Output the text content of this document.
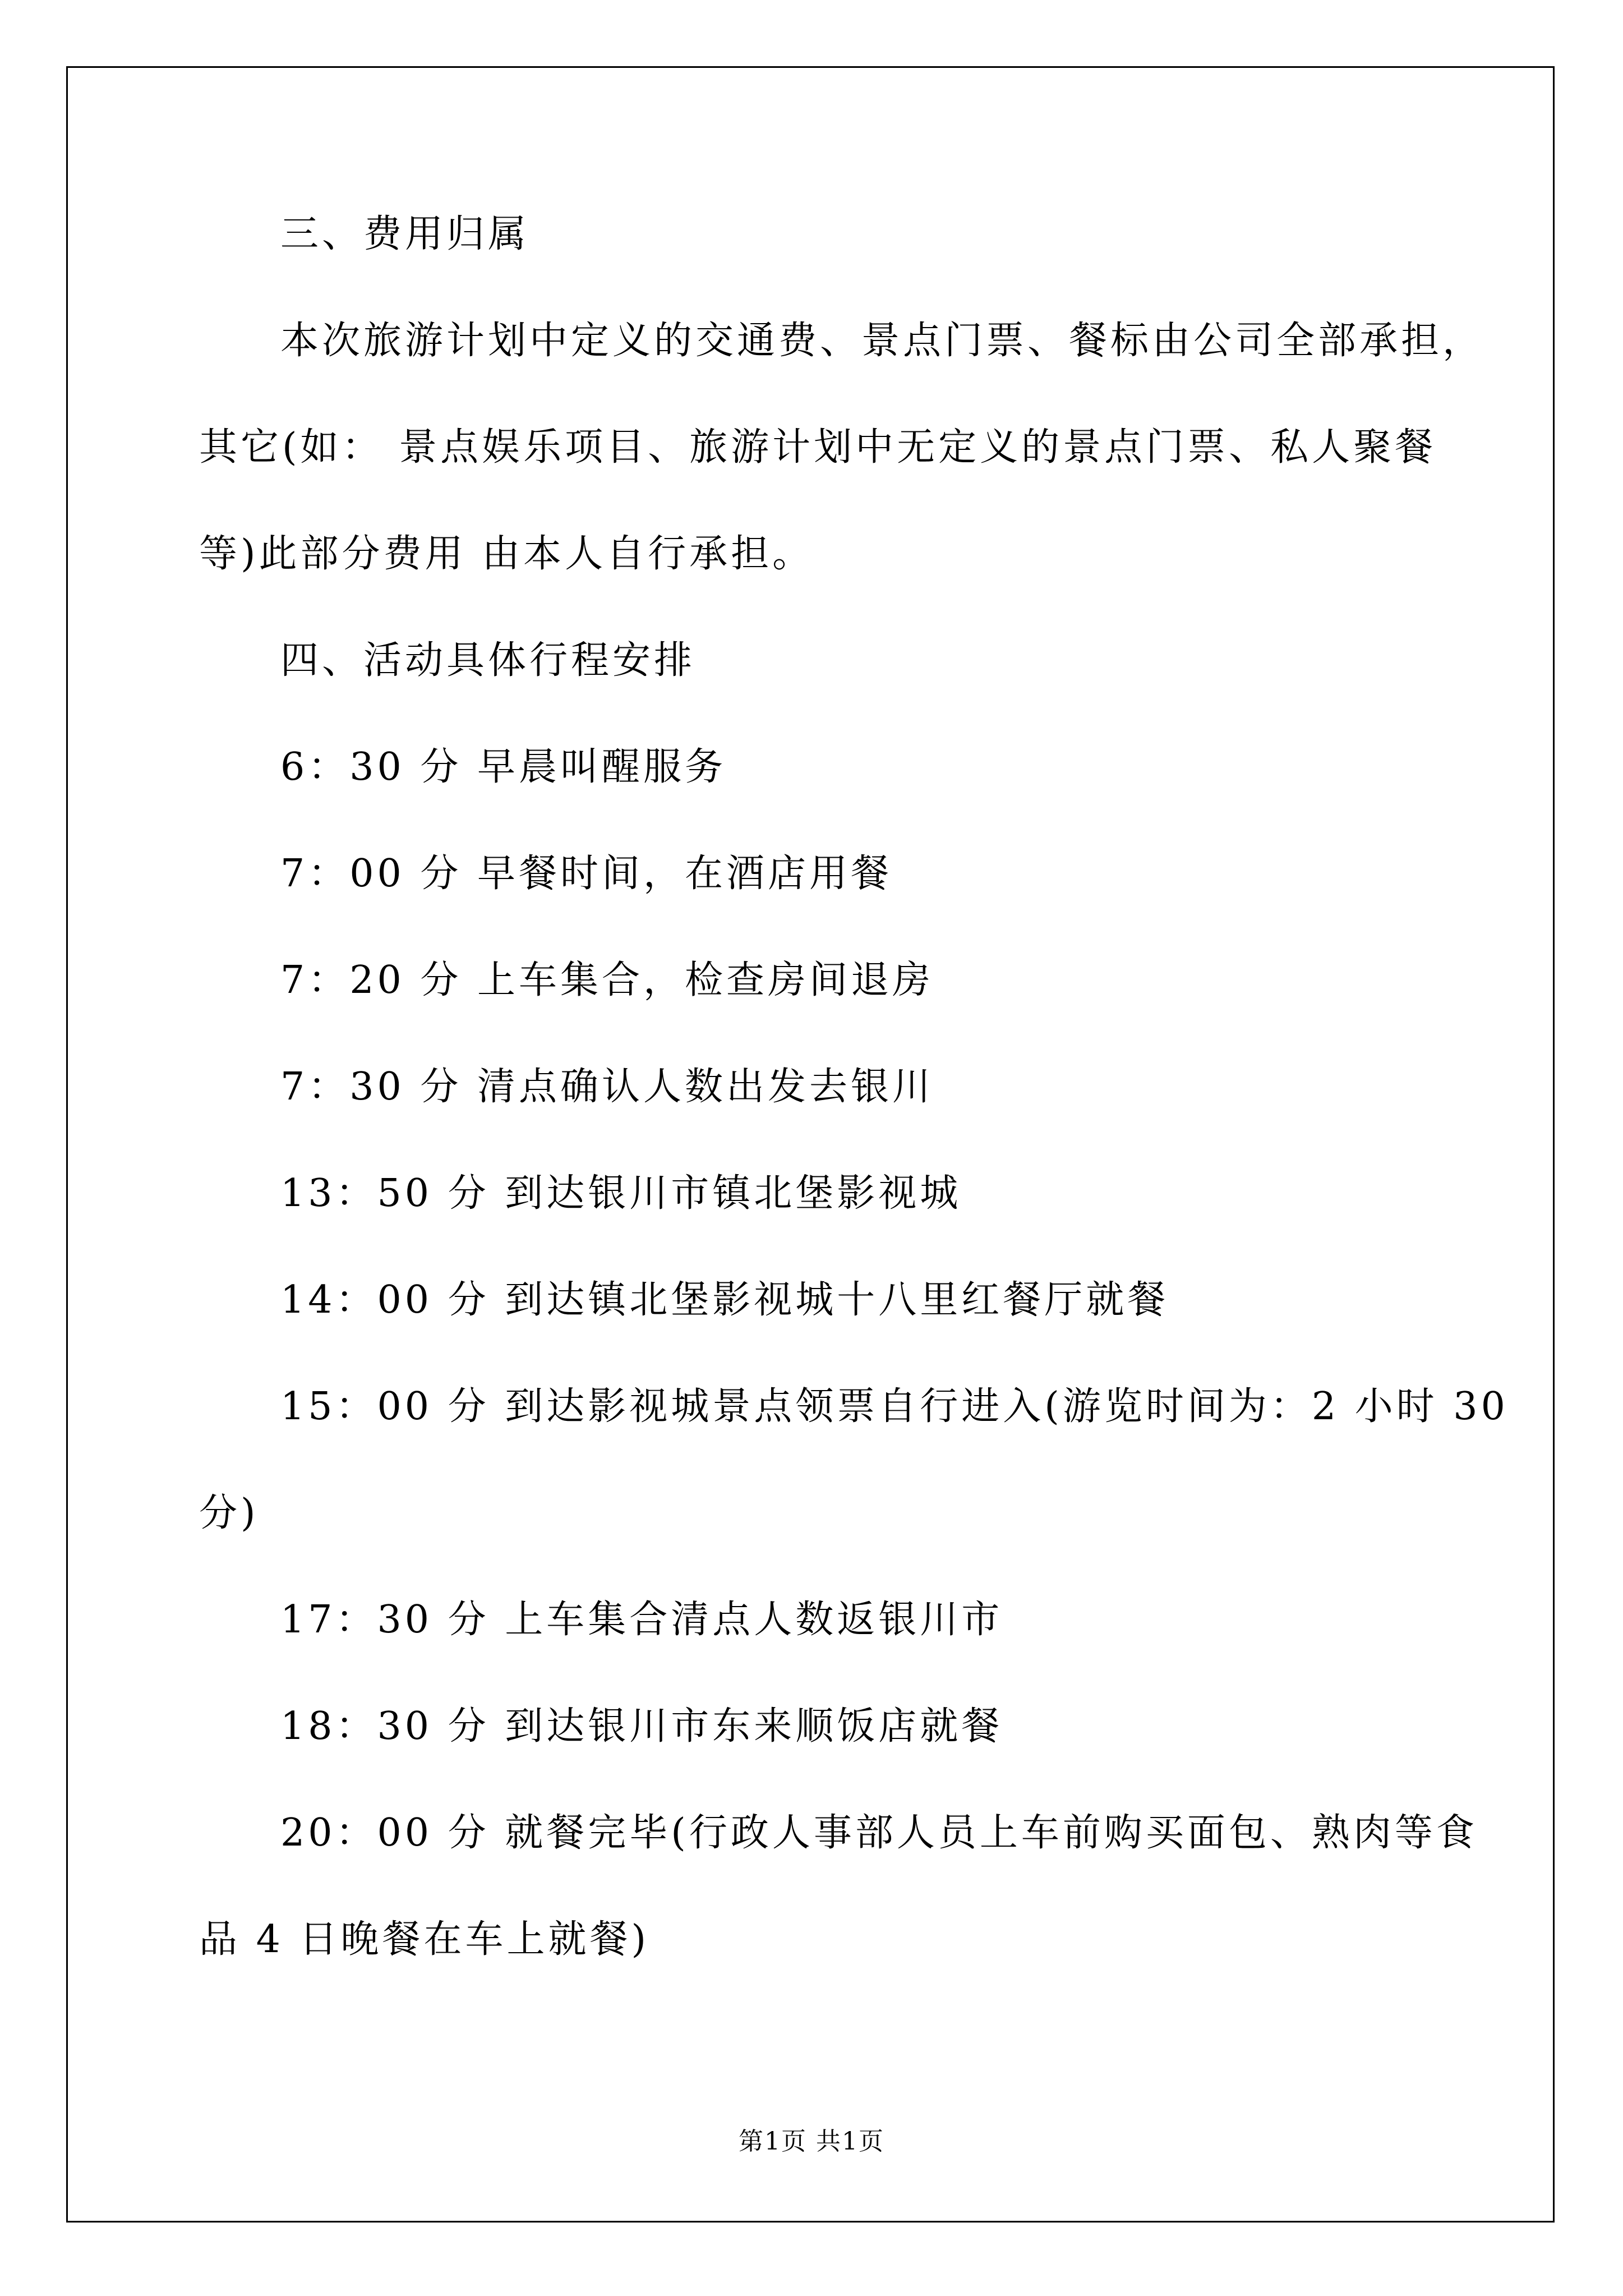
三、费用归属

本次旅游计划中定义的交通费、景点门票、餐标由公司全部承担，

其它(如： 景点娱乐项目、旅游计划中无定义的景点门票、私人聚餐

等)此部分费用 由本人自行承担。

四、活动具体行程安排

6：30 分 早晨叫醒服务

7：00 分 早餐时间，在酒店用餐

7：20 分 上车集合，检查房间退房

7：30 分 清点确认人数出发去银川

13：50 分 到达银川市镇北堡影视城

14：00 分 到达镇北堡影视城十八里红餐厅就餐

15：00 分 到达影视城景点领票自行进入(游览时间为：2 小时 30

分)

17：30 分 上车集合清点人数返银川市

18：30 分 到达银川市东来顺饭店就餐

20：00 分 就餐完毕(行政人事部人员上车前购买面包、熟肉等食

品 4 日晚餐在车上就餐)

第1页 共1页
